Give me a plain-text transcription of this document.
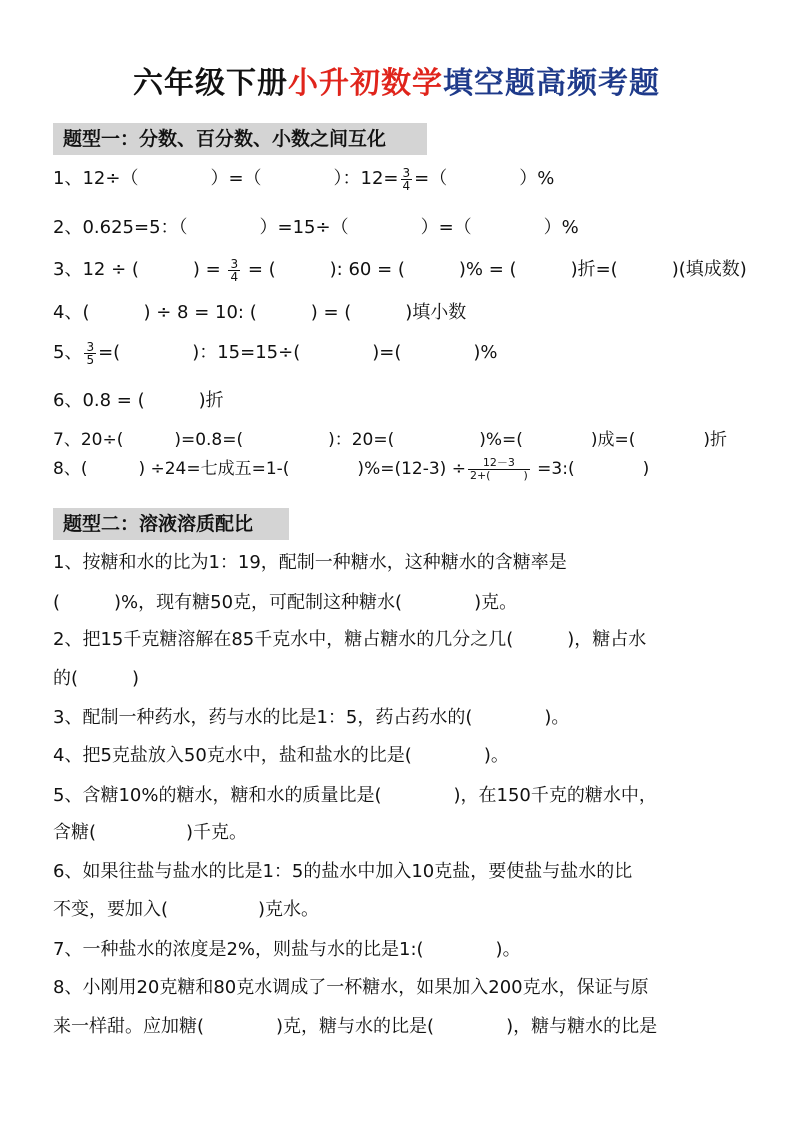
六年级下册小升初数学填空题高频考题
题型一：分数、百分数、小数之间互化
1、12÷（　　　　）=（　　　　）：$12= \frac{3}{4}$ =（　　　　）%
2、0.625=5：（　　　　）=15÷（　　　　）=（　　　　）%
3、12 ÷ (　　　) = $\frac{3}{4}$ = (　　　): 60 = (　　　)% = (　　　)折=(　　　)(填成数)
4、(　　　) ÷ 8 = 10: (　　　) = (　　　)填小数
5、 $\frac{3}{5}$ =(　　　　)：15=15÷(　　　　)=(　　　　)%
6、0.8 = (　　　)折
7、20÷(　　　)=0.8=(　　　　　)：20=(　　　　　)%=(　　　　)成=(　　　　)折
8、(　　　) ÷24=七成五=1-(　　　　)$\%=(12-3) \div \frac{12-3}{2+( )}$ =3:(　　　　)
题型二：溶液溶质配比
1、按糖和水的比为1：19，配制一种糖水，这种糖水的含糖率是
(　　　)%，现有糖50克，可配制这种糖水(　　　　)克。
2、把15千克糖溶解在85千克水中，糖占糖水的几分之几(　　　)，糖占水
的(　　　)
3、配制一种药水，药与水的比是1：5，药占药水的(　　　　)。
4、把5克盐放入50克水中，盐和盐水的比是(　　　　)。
5、含糖10%的糖水，糖和水的质量比是(　　　　)，在150千克的糖水中，
含糖(　　　　　)千克。
6、如果往盐与盐水的比是1：5的盐水中加入10克盐，要使盐与盐水的比
不变，要加入(　　　　　)克水。
7、一种盐水的浓度是2%，则盐与水的比是1:(　　　　)。
8、小刚用20克糖和80克水调成了一杯糖水，如果加入200克水，保证与原
来一样甜。应加糖(　　　　)克，糖与水的比是(　　　　)，糖与糖水的比是
